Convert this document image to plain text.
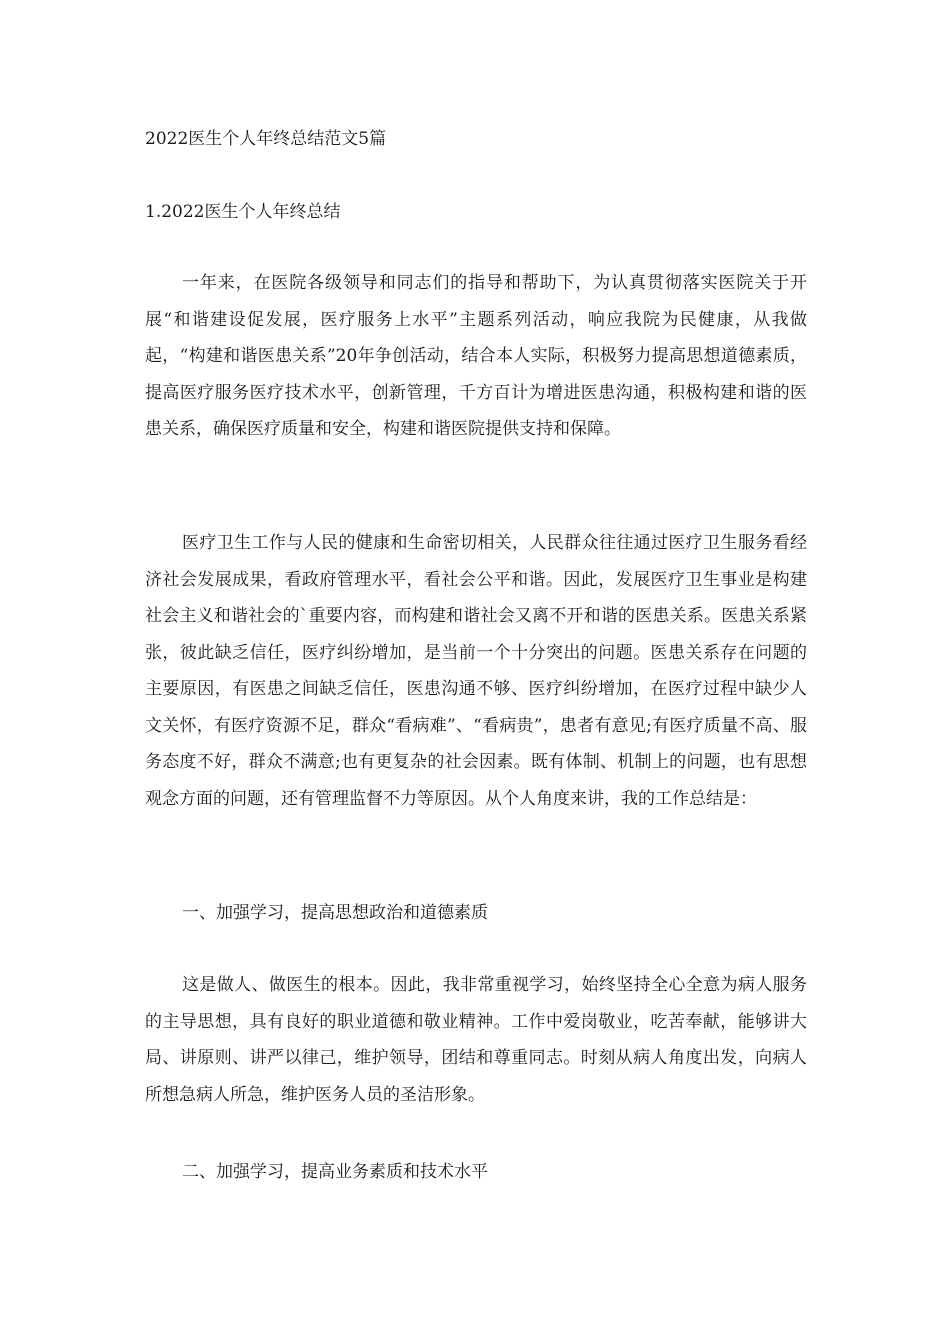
2022医生个人年终总结范文5篇
1.2022医生个人年终总结

一年来，在医院各级领导和同志们的指导和帮助下，为认真贯彻落实医院关于开展“和谐建设促发展，医疗服务上水平”主题系列活动，响应我院为民健康，从我做起，“构建和谐医患关系”20年争创活动，结合本人实际，积极努力提高思想道德素质，提高医疗服务医疗技术水平，创新管理，千方百计为增进医患沟通，积极构建和谐的医患关系，确保医疗质量和安全，构建和谐医院提供支持和保障。

医疗卫生工作与人民的健康和生命密切相关，人民群众往往通过医疗卫生服务看经济社会发展成果，看政府管理水平，看社会公平和谐。因此，发展医疗卫生事业是构建社会主义和谐社会的`重要内容，而构建和谐社会又离不开和谐的医患关系。医患关系紧张，彼此缺乏信任，医疗纠纷增加，是当前一个十分突出的问题。医患关系存在问题的主要原因，有医患之间缺乏信任，医患沟通不够、医疗纠纷增加，在医疗过程中缺少人文关怀，有医疗资源不足，群众“看病难”、“看病贵”，患者有意见;有医疗质量不高、服务态度不好，群众不满意;也有更复杂的社会因素。既有体制、机制上的问题，也有思想观念方面的问题，还有管理监督不力等原因。从个人角度来讲，我的工作总结是：

一、加强学习，提高思想政治和道德素质

这是做人、做医生的根本。因此，我非常重视学习，始终坚持全心全意为病人服务的主导思想，具有良好的职业道德和敬业精神。工作中爱岗敬业，吃苦奉献，能够讲大局、讲原则、讲严以律己，维护领导，团结和尊重同志。时刻从病人角度出发，向病人所想急病人所急，维护医务人员的圣洁形象。

二、加强学习，提高业务素质和技术水平
